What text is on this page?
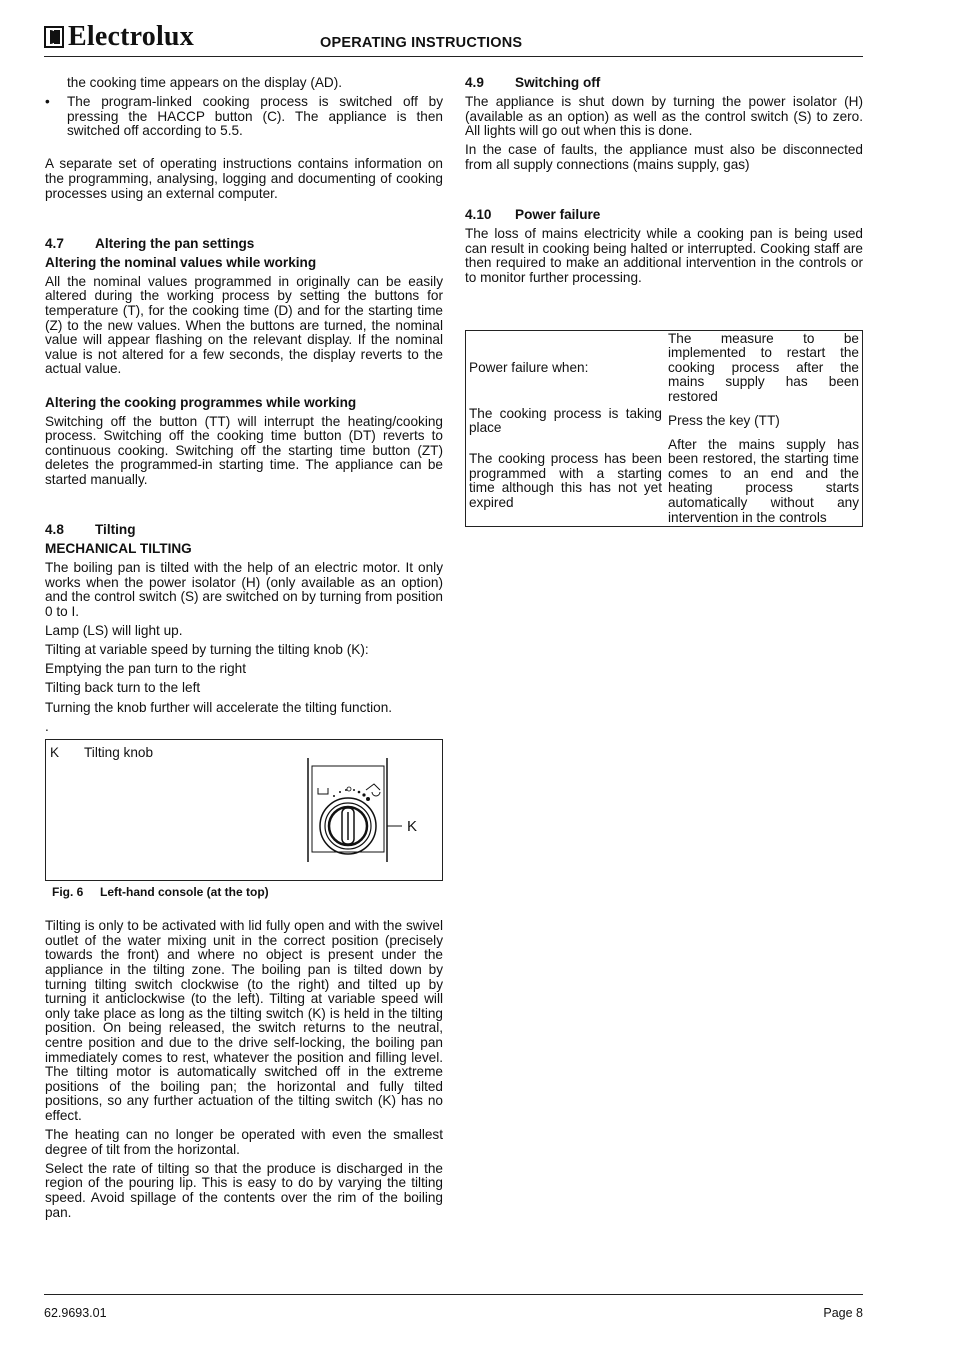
Electrolux	OPERATING INSTRUCTIONS

the cooking time appears on the display (AD).

•	The program-linked cooking process is switched off by pressing the HACCP button (C). The appliance is then switched off according to 5.5.

A separate set of operating instructions contains information on the programming, analysing, logging and documenting of cooking processes using an external computer.

4.7 Altering the pan settings
Altering the nominal values while working

All the nominal values programmed in originally can be easily altered during the working process by setting the buttons for temperature (T), for the cooking time (D) and for the starting time (Z) to the new values. When the buttons are turned, the nominal value will appear flashing on the relevant display. If the nominal value is not altered for a few seconds, the display reverts to the actual value.

Altering the cooking programmes while working

Switching off the button (TT) will interrupt the heating/cooking process. Switching off the cooking time button (DT) reverts to continuous cooking. Switching off the starting time button (ZT) deletes the programmed-in starting time. The appliance can be started manually.

4.8 Tilting
MECHANICAL TILTING

The boiling pan is tilted with the help of an electric motor. It only works when the power isolator (H) (only available as an option) and the control switch (S) are switched on by turning from position 0 to I.

Lamp (LS) will light up.

Tilting at variable speed by turning the tilting knob (K):

Emptying the pan turn to the right

Tilting back turn to the left

Turning the knob further will accelerate the tilting function.

.

K Tilting knob
K
Fig. 6 Left-hand console (at the top)

Tilting is only to be activated with lid fully open and with the swivel outlet of the water mixing unit in the correct position (precisely towards the front) and where no object is present under the appliance in the tilting zone. The boiling pan is tilted down by turning tilting switch clockwise (to the right) and tilted up by turning it anticlockwise (to the left). Tilting at variable speed will only take place as long as the tilting switch (K) is held in the tilting position. On being released, the switch returns to the neutral, centre position and due to the drive self-locking, the boiling pan immediately comes to rest, whatever the position and filling level. The tilting motor is automatically switched off in the extreme positions of the boiling pan; the horizontal and fully tilted positions, so any further actuation of the tilting switch (K) has no effect.

The heating can no longer be operated with even the smallest degree of tilt from the horizontal.

Select the rate of tilting so that the produce is discharged in the region of the pouring lip. This is easy to do by varying the tilting speed. Avoid spillage of the contents over the rim of the boiling pan.

4.9 Switching off

The appliance is shut down by turning the power isolator (H) (available as an option) as well as the control switch (S) to zero. All lights will go out when this is done.

In the case of faults, the appliance must also be disconnected from all supply connections (mains supply, gas)

4.10 Power failure

The loss of mains electricity while a cooking pan is being used can result in cooking being halted or interrupted. Cooking staff are then required to make an additional intervention in the controls or to monitor further processing.

Power failure when:	The measure to be implemented to restart the cooking process after the mains supply has been restored
The cooking process is taking place	Press the key (TT)
The cooking process has been programmed with a starting time although this has not yet expired	After the mains supply has been restored, the starting time comes to an end and the heating process starts automatically without any intervention in the controls
62.9693.01	Page 8
